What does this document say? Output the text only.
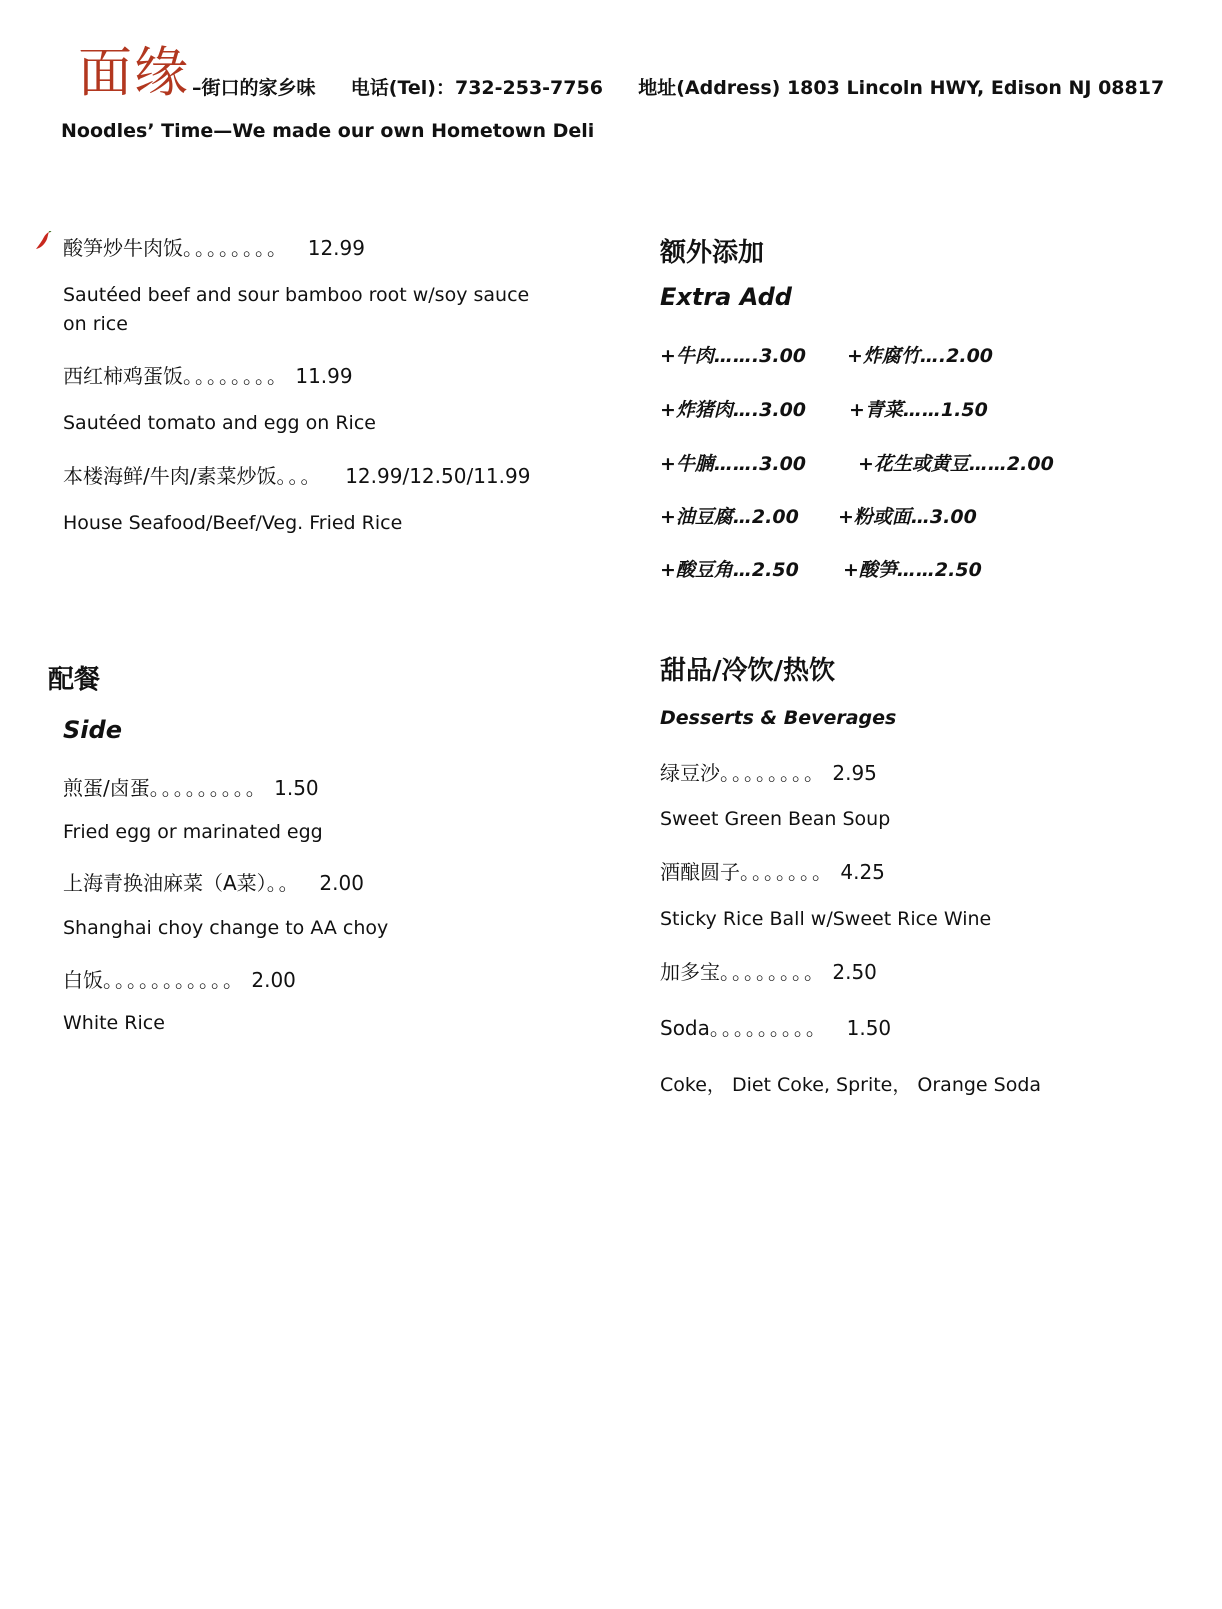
面缘 –街口的家乡味 电话(Tel)：732-253-7756 地址(Address) 1803 Lincoln HWY, Edison NJ 08817
Noodles’ Time—We made our own Hometown Deli
酸笋炒牛肉饭。。。。。。。。 12.99
Sautéed beef and sour bamboo root w/soy sauce on rice
西红柿鸡蛋饭。。。。。。。。 11.99
Sautéed tomato and egg on Rice
本楼海鲜/牛肉/素菜炒饭。。。 12.99/12.50/11.99
House Seafood/Beef/Veg. Fried Rice
额外添加
Extra Add
+牛肉…….3.00 +炸腐竹….2.00
+炸猪肉….3.00 +青菜……1.50
+牛腩…….3.00	+花生或黄豆……2.00
+油豆腐…2.00 +粉或面…3.00
+酸豆角…2.50 +酸笋……2.50
配餐
Side
煎蛋/卤蛋。。。。。。。。。 1.50
Fried egg or marinated egg
上海青换油麻菜（A菜）。。 2.00
Shanghai choy change to AA choy
白饭。。。。。。。。。。。 2.00
White Rice
甜品/冷饮/热饮
Desserts & Beverages
绿豆沙。。。。。。。。 2.95
Sweet Green Bean Soup
酒酿圆子。。。。。。。 4.25
Sticky Rice Ball w/Sweet Rice Wine
加多宝。。。。。。。。 2.50
Soda。。。。。。。。。 1.50
Coke， Diet Coke, Sprite， Orange Soda
